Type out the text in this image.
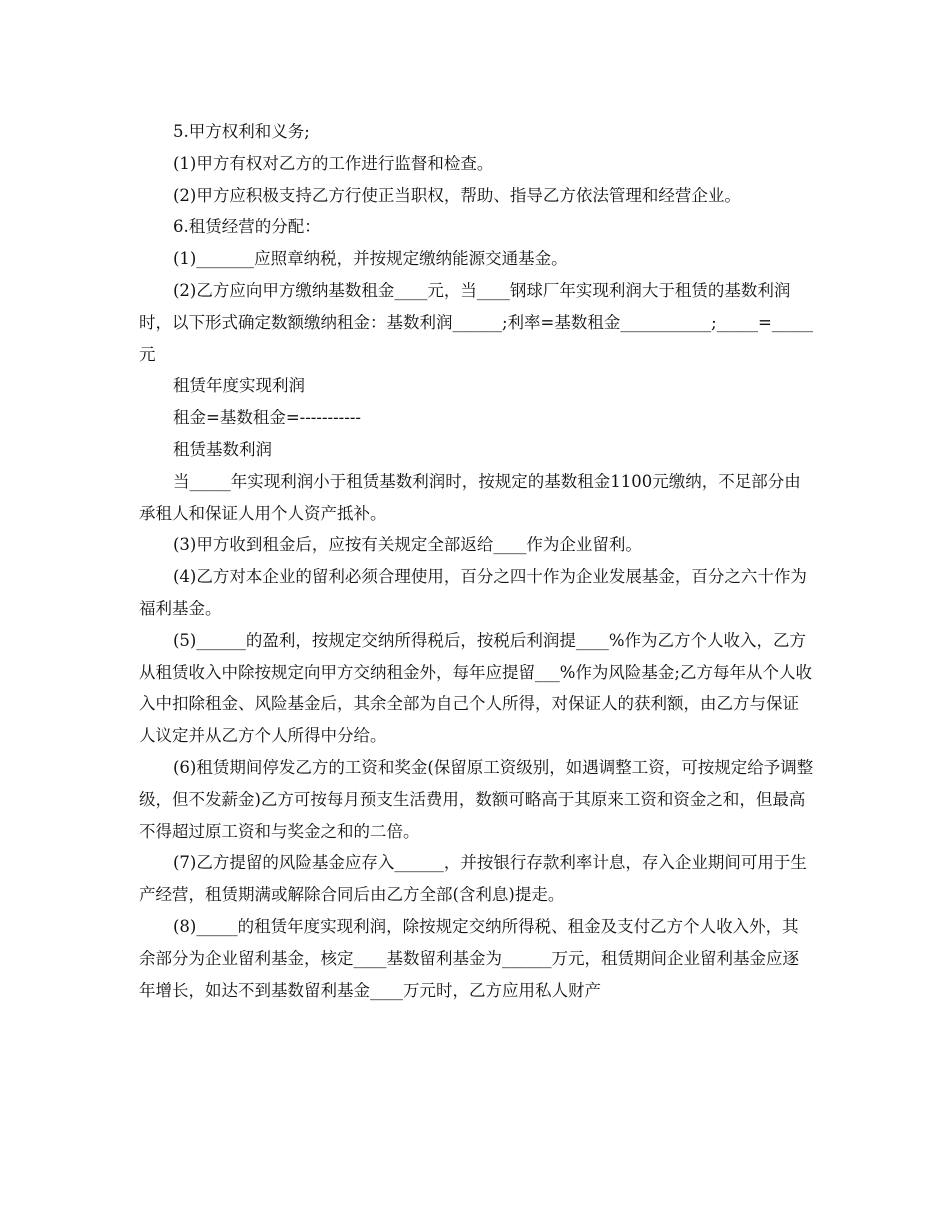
5.甲方权利和义务;

(1)甲方有权对乙方的工作进行监督和检查。

(2)甲方应积极支持乙方行使正当职权，帮助、指导乙方依法管理和经营企业。

6.租赁经营的分配：

(1)_______应照章纳税，并按规定缴纳能源交通基金。

(2)乙方应向甲方缴纳基数租金____元，当____钢球厂年实现利润大于租赁的基数利润时，以下形式确定数额缴纳租金：基数利润______;利率=基数租金___________;_____=_____元

租赁年度实现利润

租金=基数租金=-----------

租赁基数利润

当_____年实现利润小于租赁基数利润时，按规定的基数租金1100元缴纳，不足部分由承租人和保证人用个人资产抵补。

(3)甲方收到租金后，应按有关规定全部返给____作为企业留利。

(4)乙方对本企业的留利必须合理使用，百分之四十作为企业发展基金，百分之六十作为福利基金。

(5)______的盈利，按规定交纳所得税后，按税后利润提____%作为乙方个人收入，乙方从租赁收入中除按规定向甲方交纳租金外，每年应提留___%作为风险基金;乙方每年从个人收入中扣除租金、风险基金后，其余全部为自己个人所得，对保证人的获利额，由乙方与保证人议定并从乙方个人所得中分给。

(6)租赁期间停发乙方的工资和奖金(保留原工资级别，如遇调整工资，可按规定给予调整级，但不发薪金)乙方可按每月预支生活费用，数额可略高于其原来工资和资金之和，但最高不得超过原工资和与奖金之和的二倍。

(7)乙方提留的风险基金应存入______，并按银行存款利率计息，存入企业期间可用于生产经营，租赁期满或解除合同后由乙方全部(含利息)提走。

(8)_____的租赁年度实现利润，除按规定交纳所得税、租金及支付乙方个人收入外，其余部分为企业留利基金，核定____基数留利基金为______万元，租赁期间企业留利基金应逐年增长，如达不到基数留利基金____万元时，乙方应用私人财产
